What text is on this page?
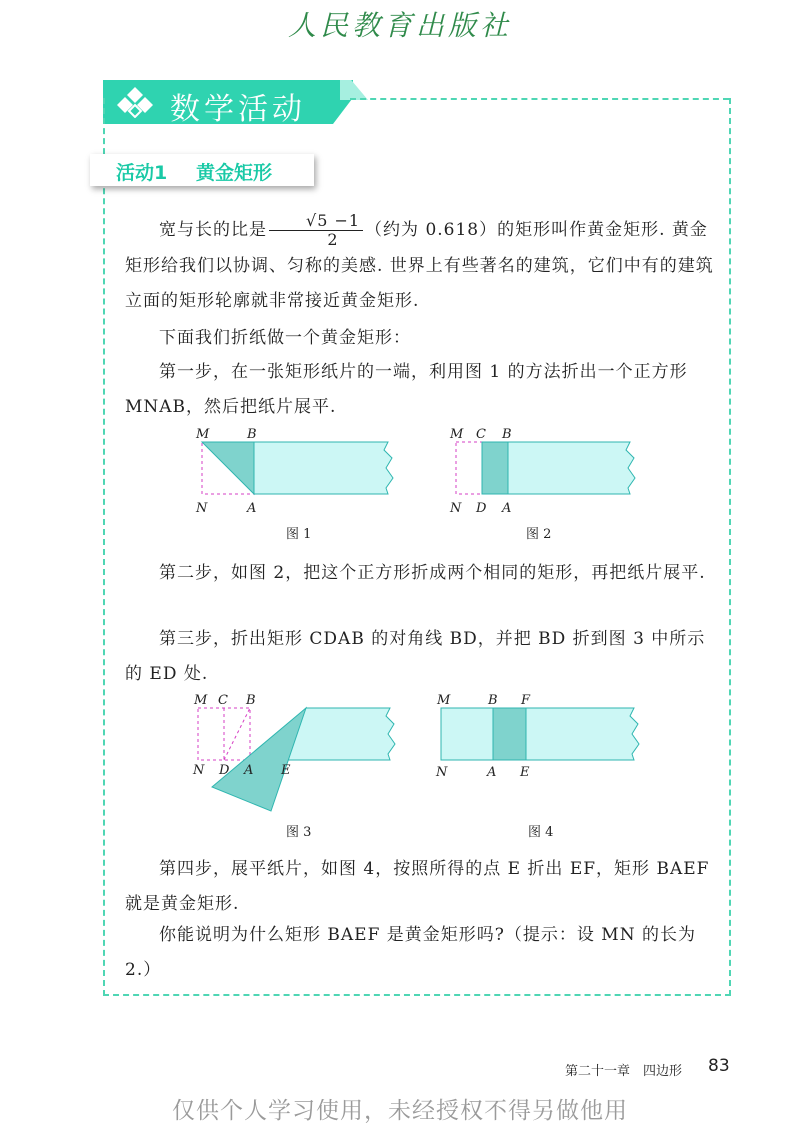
人民教育出版社
数学活动
活动1 黄金矩形
宽与长的比是 $\frac{√5 -1}{2}$ （约为 0.618）的矩形叫作黄金矩形. 黄金矩形给我们以协调、匀称的美感. 世界上有些著名的建筑，它们中有的建筑立面的矩形轮廓就非常接近黄金矩形.
下面我们折纸做一个黄金矩形：
第一步，在一张矩形纸片的一端，利用图 1 的方法折出一个正方形 MNAB，然后把纸片展平.
M	B
N	A
图 1
M C B
N D A
图 2
第二步，如图 2，把这个正方形折成两个相同的矩形，再把纸片展平.
第三步，折出矩形 CDAB 的对角线 BD，并把 BD 折到图 3 中所示的 ED 处.
M C B
N D A E
图 3
M	B F
N	A E
图 4
第四步，展平纸片，如图 4，按照所得的点 E 折出 EF，矩形 BAEF 就是黄金矩形.
你能说明为什么矩形 BAEF 是黄金矩形吗?（提示：设 MN 的长为 2.）
第二十一章　四边形 83
仅供个人学习使用，未经授权不得另做他用
